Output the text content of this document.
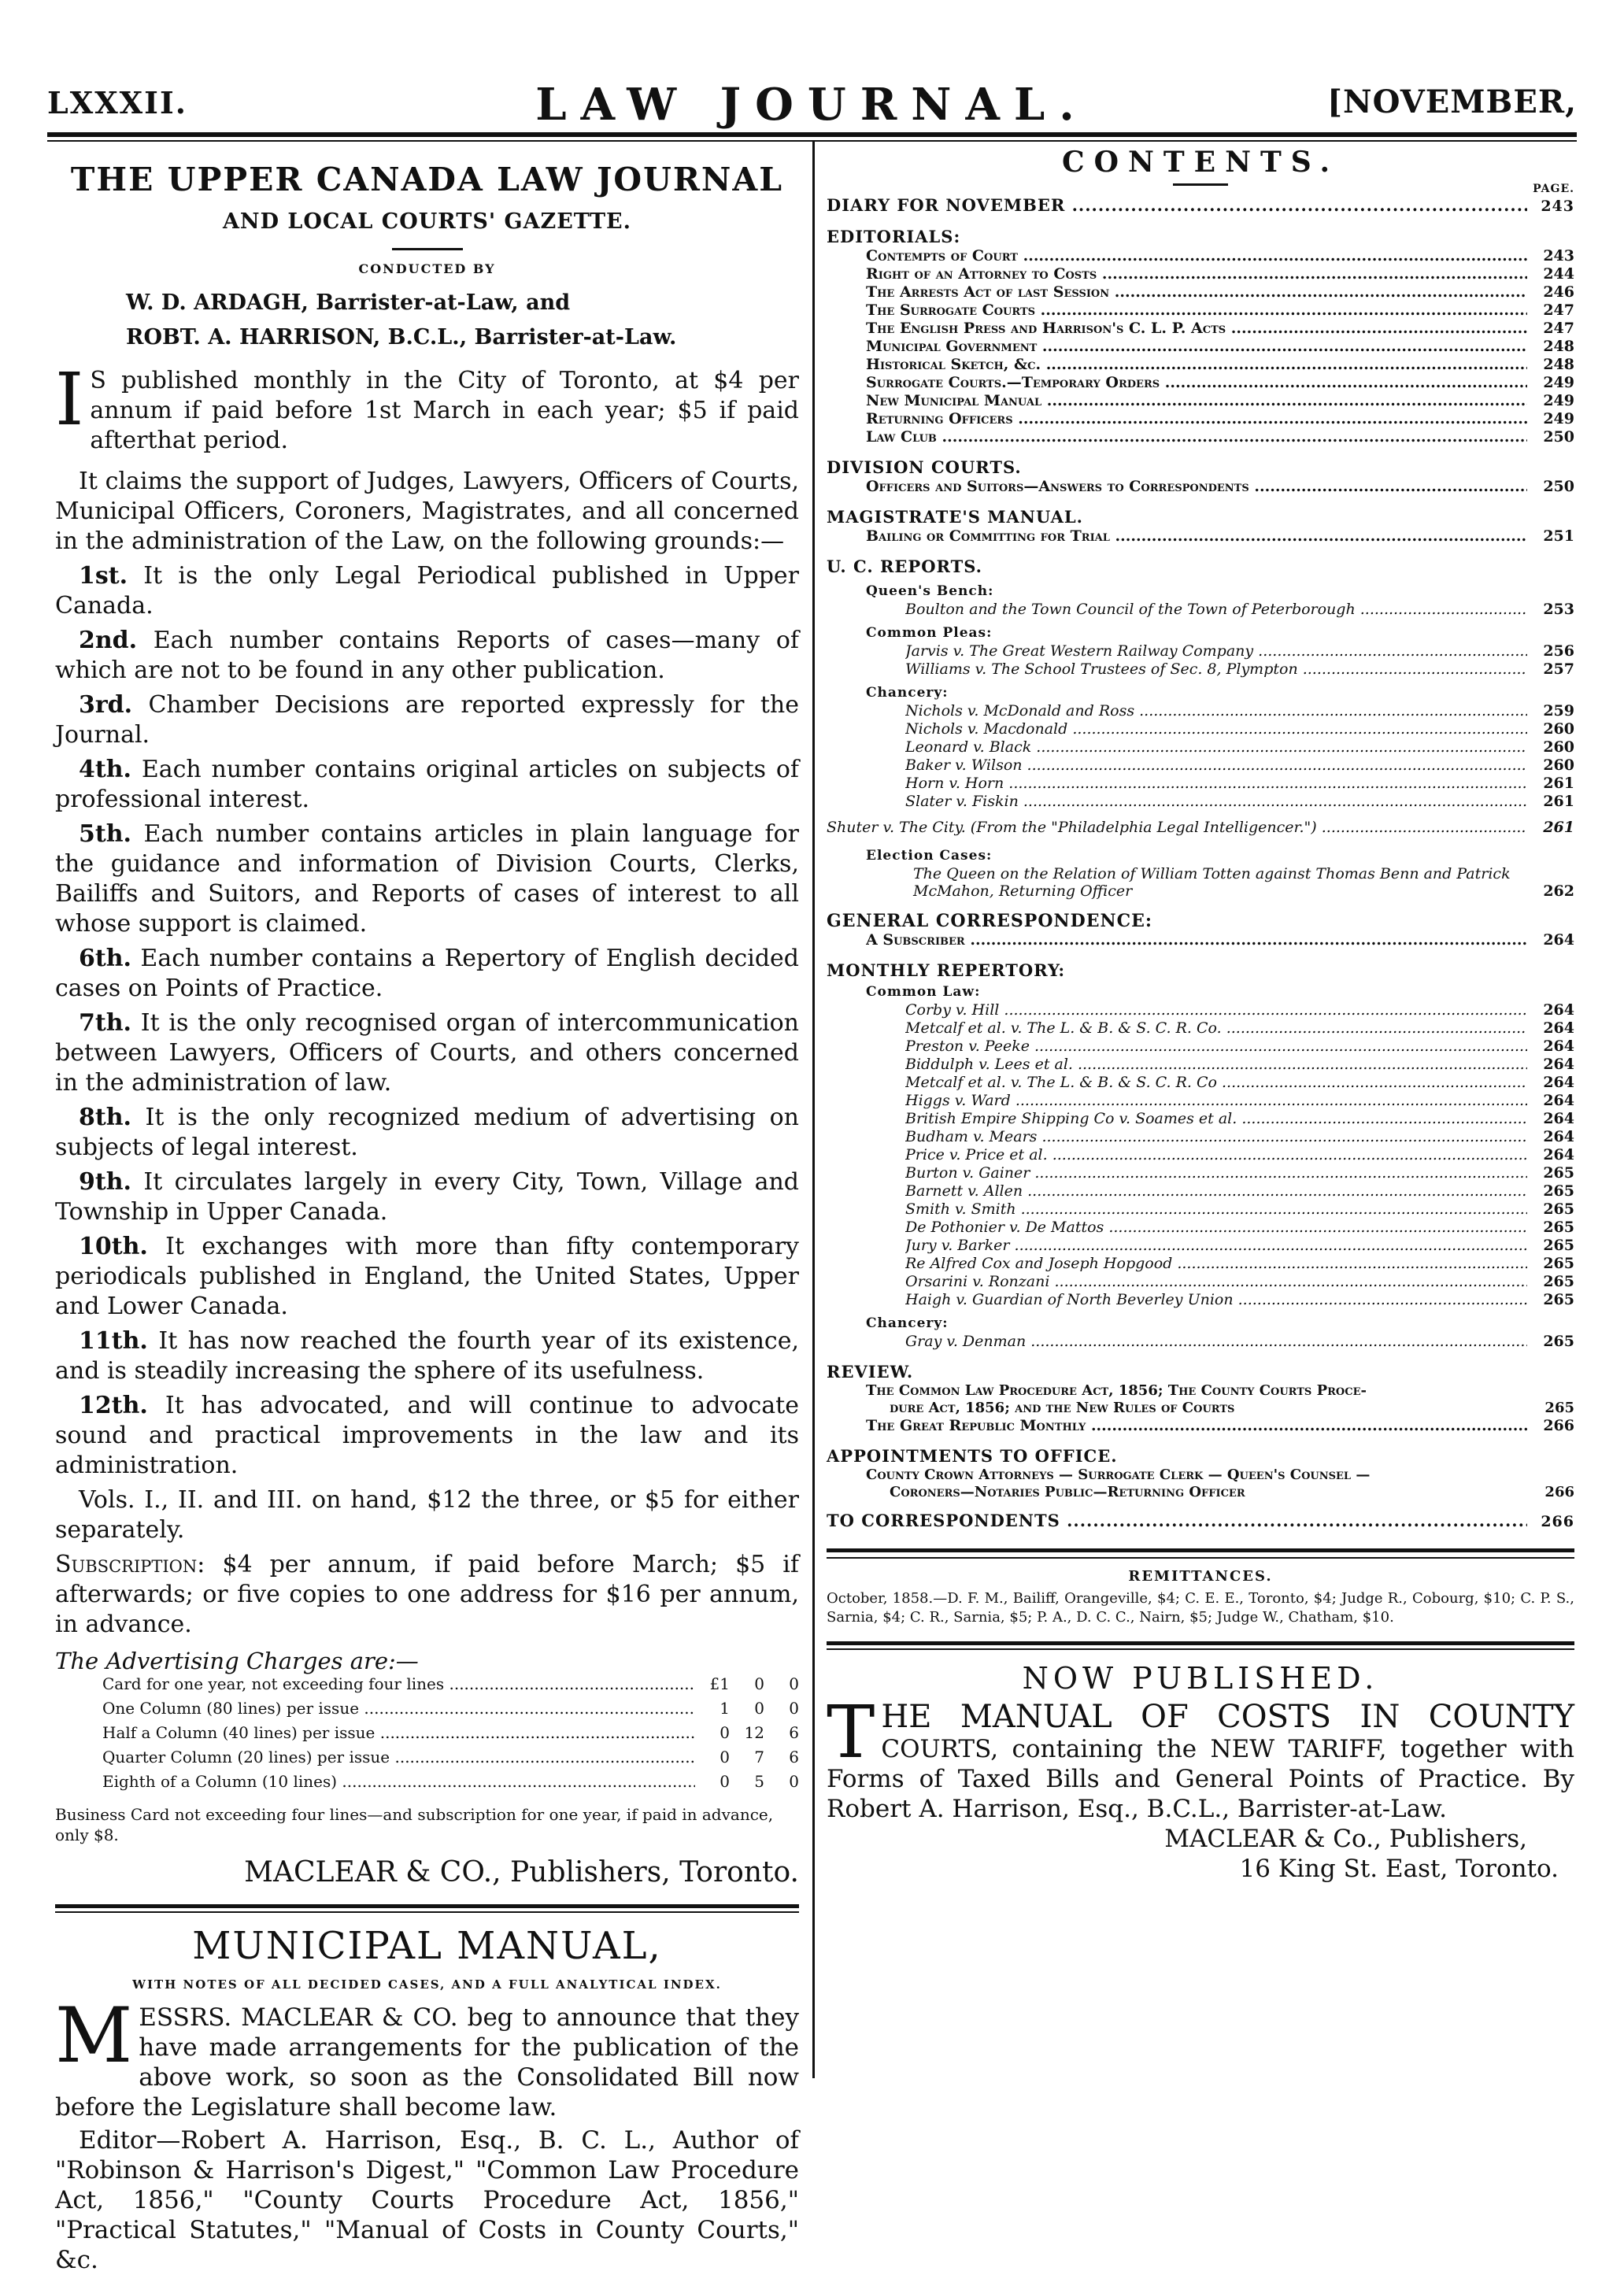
LXXXII.	LAW JOURNAL.	[NOVEMBER,
THE UPPER CANADA LAW JOURNAL
AND LOCAL COURTS' GAZETTE.
CONDUCTED BY
W. D. ARDAGH, Barrister-at-Law, and
ROBT. A. HARRISON, B.C.L., Barrister-at-Law.
I S published monthly in the City of Toronto, at $4 per annum if paid before 1st March in each year; $5 if paid afterthat period.

It claims the support of Judges, Lawyers, Officers of Courts, Municipal Officers, Coroners, Magistrates, and all concerned in the administration of the Law, on the following grounds:—

1st. It is the only Legal Periodical published in Upper Canada.

2nd. Each number contains Reports of cases—many of which are not to be found in any other publication.

3rd. Chamber Decisions are reported expressly for the Journal.

4th. Each number contains original articles on subjects of professional interest.

5th. Each number contains articles in plain language for the guidance and information of Division Courts, Clerks, Bailiffs and Suitors, and Reports of cases of interest to all whose support is claimed.

6th. Each number contains a Repertory of English decided cases on Points of Practice.

7th. It is the only recognised organ of intercommunication between Lawyers, Officers of Courts, and others concerned in the administration of law.

8th. It is the only recognized medium of advertising on subjects of legal interest.

9th. It circulates largely in every City, Town, Village and Township in Upper Canada.

10th. It exchanges with more than fifty contemporary periodicals published in England, the United States, Upper and Lower Canada.

11th. It has now reached the fourth year of its existence, and is steadily increasing the sphere of its usefulness.

12th. It has advocated, and will continue to advocate sound and practical improvements in the law and its administration.

Vols. I., II. and III. on hand, $12 the three, or $5 for either separately.

Subscription: $4 per annum, if paid before March; $5 if afterwards; or five copies to one address for $16 per annum, in advance.

The Advertising Charges are:—
Card for one year, not exceeding four lines .....	£1	0	0
One Column (80 lines) per issue .....	1	0	0
Half a Column (40 lines) per issue .....	0 12	6
Quarter Column (20 lines) per issue .....	0	7	6
Eighth of a Column (10 lines) .....	0	5	0
Business Card not exceeding four lines—and subscription for one year, if paid in advance, only $8.
MACLEAR & CO., Publishers, Toronto.
MUNICIPAL MANUAL,
WITH NOTES OF ALL DECIDED CASES, AND A FULL ANALYTICAL INDEX.
MESSRS. MACLEAR & CO. beg to announce that they have made arrangements for the publication of the above work, so soon as the Consolidated Bill now before the Legislature shall become law.
Editor—Robert A. Harrison, Esq., B. C. L., Author of "Robinson & Harrison's Digest," "Common Law Procedure Act, 1856," "County Courts Procedure Act, 1856," "Practical Statutes," "Manual of Costs in County Courts," &c.
CONTENTS.
PAGE.
DIARY FOR NOVEMBER .....	243
EDITORIALS:
Contempts of Court .....	243
Right of an Attorney to Costs .....	244
The Arrests Act of last Session .....	246
The Surrogate Courts .....	247
The English Press and Harrison's C. L. P. Acts .....	247
Municipal Government .....	248
Historical Sketch, &c. .....	248
Surrogate Courts.—Temporary Orders .....	249
New Municipal Manual .....	249
Returning Officers .....	249
Law Club .....	250
DIVISION COURTS.
Officers and Suitors—Answers to Correspondents .....	250
MAGISTRATE'S MANUAL.
Bailing or Committing for Trial .....	251
U. C. REPORTS.
Queen's Bench:
Boulton and the Town Council of the Town of Peterborough .....	253
Common Pleas:
Jarvis v. The Great Western Railway Company .....	256
Williams v. The School Trustees of Sec. 8, Plympton .....	257
Chancery:
Nichols v. McDonald and Ross .....	259
Nichols v. Macdonald .....	260
Leonard v. Black .....	260
Baker v. Wilson .....	260
Horn v. Horn .....	261
Slater v. Fiskin .....	261
Shuter v. The City. (From the "Philadelphia Legal Intelligencer.") .....	261
Election Cases:
The Queen on the Relation of William Totten against Thomas Benn and Patrick McMahon, Returning Officer	262
GENERAL CORRESPONDENCE:
A Subscriber .....	264
MONTHLY REPERTORY:
Common Law:
Corby v. Hill .....	264
Metcalf et al. v. The L. & B. & S. C. R. Co. .....	264
Preston v. Peeke .....	264
Biddulph v. Lees et al. .....	264
Metcalf et al. v. The L. & B. & S. C. R. Co .....	264
Higgs v. Ward .....	264
British Empire Shipping Co v. Soames et al. .....	264
Budham v. Mears .....	264
Price v. Price et al. .....	264
Burton v. Gainer .....	265
Barnett v. Allen .....	265
Smith v. Smith .....	265
De Pothonier v. De Mattos .....	265
Jury v. Barker .....	265
Re Alfred Cox and Joseph Hopgood .....	265
Orsarini v. Ronzani .....	265
Haigh v. Guardian of North Beverley Union .....	265
Chancery:
Gray v. Denman .....	265
REVIEW.
The Common Law Procedure Act, 1856; The County Courts Proce-
dure Act, 1856; and the New Rules of Courts	265
The Great Republic Monthly .....	266
APPOINTMENTS TO OFFICE.
County Crown Attorneys — Surrogate Clerk — Queen's Counsel —
Coroners—Notaries Public—Returning Officer	266
TO CORRESPONDENTS .....	266
REMITTANCES.
October, 1858.—D. F. M., Bailiff, Orangeville, $4; C. E. E., Toronto, $4; Judge R., Cobourg, $10; C. P. S., Sarnia, $4; C. R., Sarnia, $5; P. A., D. C. C., Nairn, $5; Judge W., Chatham, $10.
NOW PUBLISHED.
THE MANUAL OF COSTS IN COUNTY COURTS, containing the NEW TARIFF, together with Forms of Taxed Bills and General Points of Practice. By Robert A. Harrison, Esq., B.C.L., Barrister-at-Law.
MACLEAR & Co., Publishers,
16 King St. East, Toronto.
